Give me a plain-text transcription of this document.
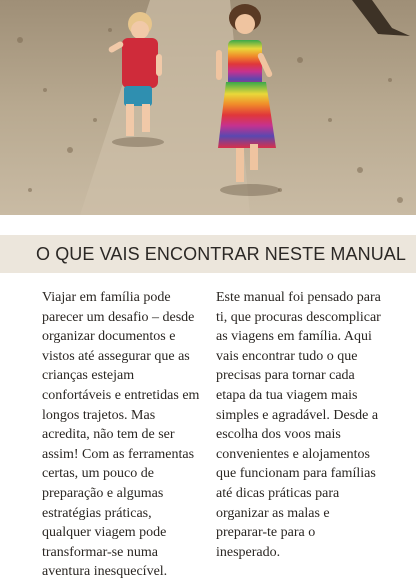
O QUE VAIS ENCONTRAR NESTE MANUAL

Viajar em família pode parecer um desafio – desde organizar documentos e vistos até assegurar que as crianças estejam confortáveis e entretidas em longos trajetos. Mas acredita, não tem de ser assim! Com as ferramentas certas, um pouco de preparação e algumas estratégias práticas, qualquer viagem pode transformar-se numa aventura inesquecível.

Este manual foi pensado para ti, que procuras descomplicar as viagens em família. Aqui vais encontrar tudo o que precisas para tornar cada etapa da tua viagem mais simples e agradável. Desde a escolha dos voos mais convenientes e alojamentos que funcionam para famílias até dicas práticas para organizar as malas e preparar-te para o inesperado.
